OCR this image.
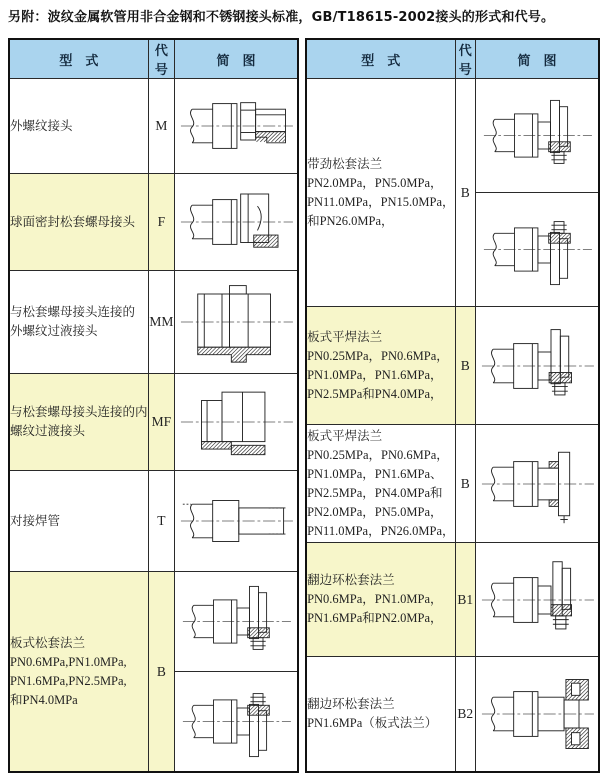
另附：波纹金属软管用非合金钢和不锈钢接头标准，GB/T18615-2002接头的形式和代号。
型　式	代号	简　图

外螺纹接头	M	

球面密封松套螺母接头	F	

与松套螺母接头连接的
外螺纹过液接头	MM	

与松套螺母接头连接的内
螺纹过渡接头	MF	

对接焊管	T	

板式松套法兰
PN0.6MPa,PN1.0MPa,
PN1.6MPa,PN2.5MPa,
和PN4.0MPa	B	
型　式	代号	简　图

带劲松套法兰
PN2.0MPa，PN5.0MPa，
PN11.0MPa，PN15.0MPa，
和PN26.0MPa，	B	

板式平焊法兰
PN0.25MPa，PN0.6MPa，
PN1.0MPa，PN1.6MPa，
PN2.5MPa和PN4.0MPa，	B	

板式平焊法兰
PN0.25MPa，PN0.6MPa，
PN1.0MPa，PN1.6MPa、
PN2.5MPa，PN4.0MPa和
PN2.0MPa，PN5.0MPa，
PN11.0MPa，PN26.0MPa，
	B	

翻边环松套法兰
PN0.6MPa，PN1.0MPa，
PN1.6MPa和PN2.0MPa，	B1	

翻边环松套法兰
PN1.6MPa（板式法兰）	B2	
